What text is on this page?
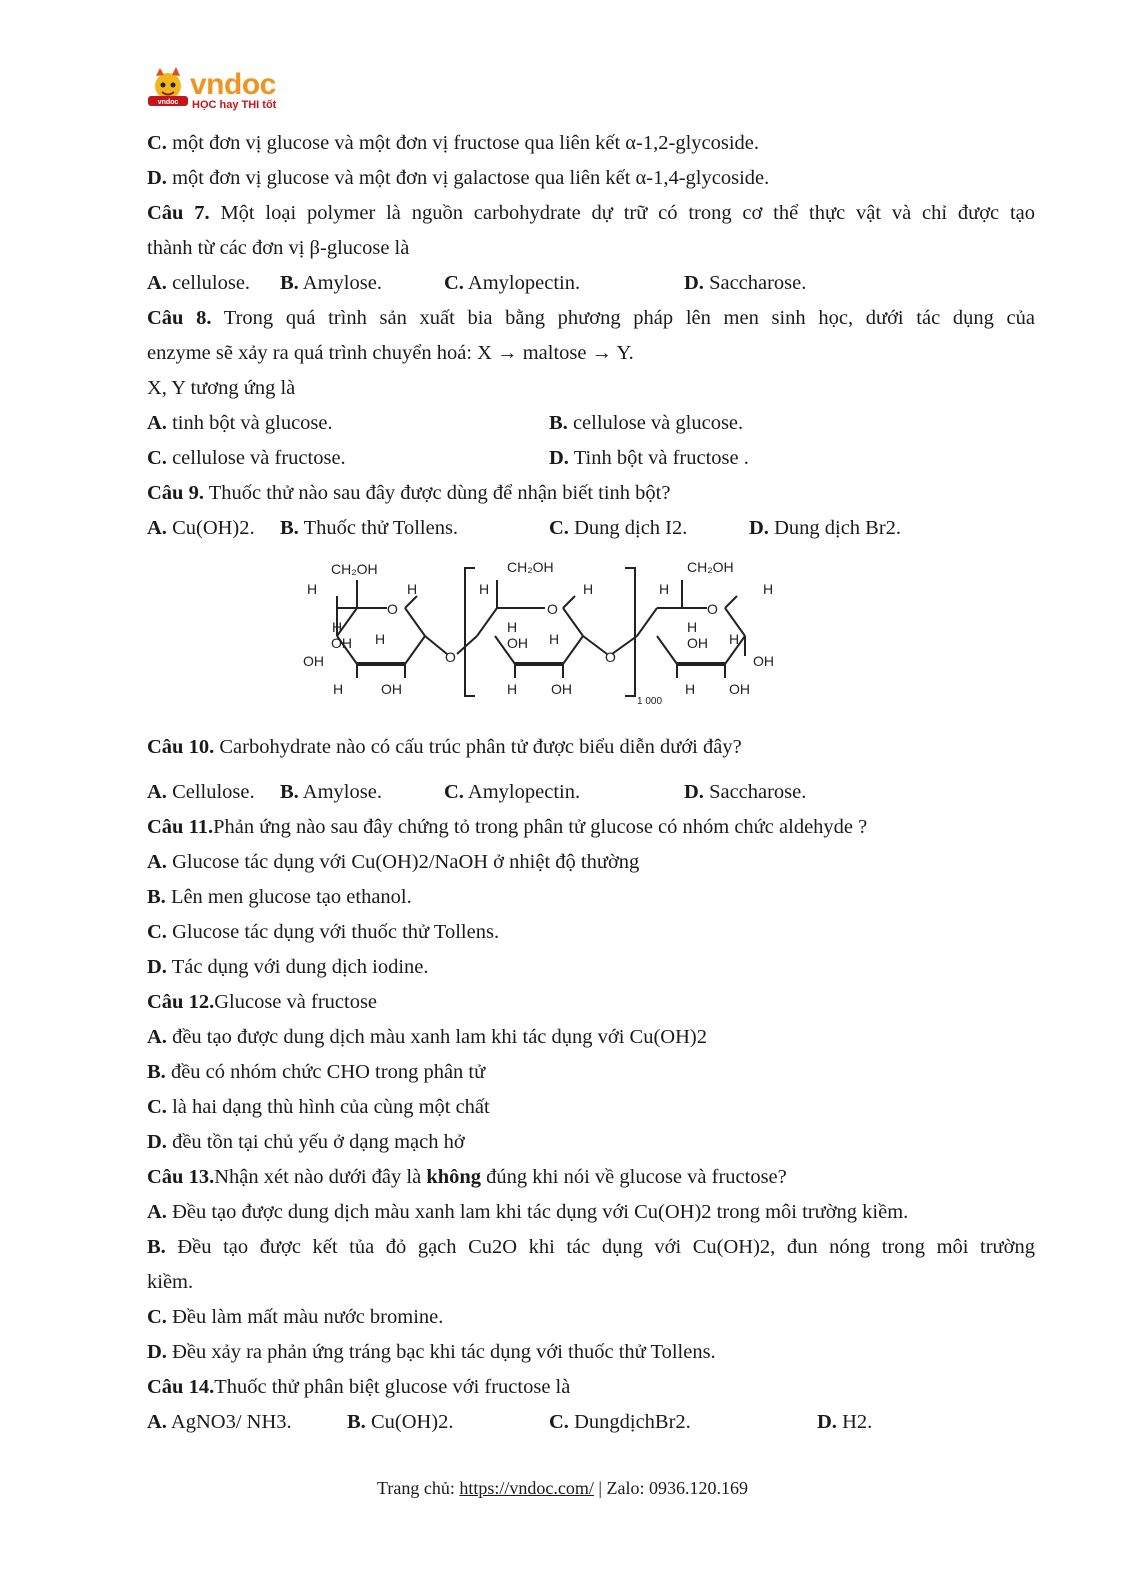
vndoc
vndoc
HỌC hay THI tốt
C. một đơn vị glucose và một đơn vị fructose qua liên kết α-1,2-glycoside.
D. một đơn vị glucose và một đơn vị galactose qua liên kết α-1,4-glycoside.
Câu 7. Một loại polymer là nguồn carbohydrate dự trữ có trong cơ thể thực vật và chỉ được tạo
thành từ các đơn vị β-glucose là
A. cellulose. B. Amylose.	C. Amylopectin.	D. Saccharose.
Câu 8. Trong quá trình sản xuất bia bằng phương pháp lên men sinh học, dưới tác dụng của
enzyme sẽ xảy ra quá trình chuyển hoá: X → maltose → Y.
X, Y tương ứng là
A. tinh bột và glucose.	B. cellulose và glucose.
C. cellulose và fructose.	D. Tinh bột và fructose .
Câu 9. Thuốc thử nào sau đây được dùng để nhận biết tinh bột?
A. Cu(OH)2. B. Thuốc thử Tollens.	C. Dung dịch I2.	D. Dung dịch Br2.
CH₂OH
H
O
H
H
OH H
OH
H	OH
O
CH₂OH
H
O
H
H
OH H
H OH
O
1 000
CH₂OH
H
O
H
H
OH H
OH
H OH
Câu 10. Carbohydrate nào có cấu trúc phân tử được biểu diễn dưới đây?
A. Cellulose. B. Amylose.	C. Amylopectin.	D. Saccharose.
Câu 11.Phản ứng nào sau đây chứng tỏ trong phân tử glucose có nhóm chức aldehyde ?
A. Glucose tác dụng với Cu(OH)2/NaOH ở nhiệt độ thường
B. Lên men glucose tạo ethanol.
C. Glucose tác dụng với thuốc thử Tollens.
D. Tác dụng với dung dịch iodine.
Câu 12.Glucose và fructose
A. đều tạo được dung dịch màu xanh lam khi tác dụng với Cu(OH)2
B. đều có nhóm chức CHO trong phân tử
C. là hai dạng thù hình của cùng một chất
D. đều tồn tại chủ yếu ở dạng mạch hở
Câu 13.Nhận xét nào dưới đây là không đúng khi nói về glucose và fructose?
A. Đều tạo được dung dịch màu xanh lam khi tác dụng với Cu(OH)2 trong môi trường kiềm.
B. Đều tạo được kết tủa đỏ gạch Cu2O khi tác dụng với Cu(OH)2, đun nóng trong môi trường
kiềm.
C. Đều làm mất màu nước bromine.
D. Đều xảy ra phản ứng tráng bạc khi tác dụng với thuốc thử Tollens.
Câu 14.Thuốc thử phân biệt glucose với fructose là
A. AgNO3/ NH3.	B. Cu(OH)2.	C. DungdịchBr2.	D. H2.
Trang chủ: https://vndoc.com/ | Zalo: 0936.120.169
